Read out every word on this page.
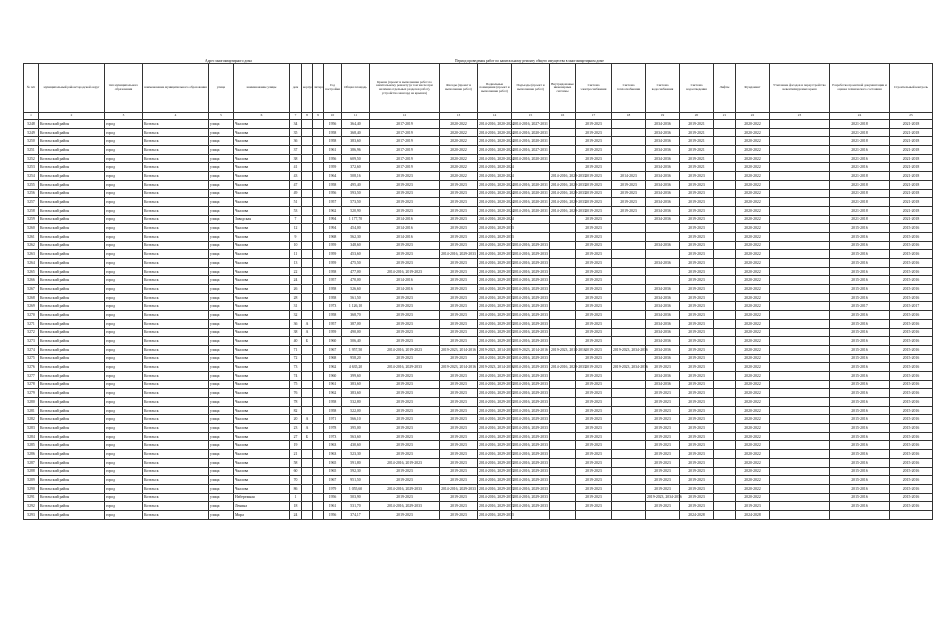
Адрес многоквартирного дома	Период проведения работ по капитальному ремонту общего имущества в многоквартирном доме
№ п/п	муниципальный район/городской округ	тип муниципального образования	наименование муниципального образования	улица	наименование улицы	дом	корпус	литера	Год постройки	Общая площадь	Крыша (проект и выполнение работ по капитальному ремонту (в том числе при наличии отдельных разделов работ), устройство мансард на крышах)	Фасады (проект и выполнение работ)	Подвальные помещения (проект и выполнение работ)	Подъезды (проект и выполнение работ)	Внутридомовые инженерные системы	Система электроснабжения	Система теплоснабжения	Система водоснабжения	Система водоотведения	Лифты	Фундамент	Утепление фасадов и переустройство невентилируемых крыш	Разработка проектной документации и оценка технического состояния	Строительный контроль
1	2	3	4	5	6	7	8	9	10	11	12	13	14	15	16	17	18	19	20	21	22	23	24	25
5248	Козельский район	город	Козельск	улица	Чкалова	34			1956	364,40	2017-2019	2020-2022	2014-2016, 2020-2024	2014-2016, 2027-2031		2019-2023		2034-2036	2019-2021		2020-2022		2021-2018	2021-2018
5249	Козельский район	город	Козельск	улица	Чкалова	35			1958	368,40	2017-2019	2020-2022	2014-2016, 2020-2024	2014-2016, 2020-2031		2019-2023		2034-2036	2019-2021		2020-2022		2021-2018	2021-2018
5250	Козельский район	город	Козельск	улица	Чкалова	36			1958	383,60	2017-2019	2020-2022	2014-2016, 2020-2024	2014-2016, 2020-2031		2019-2023		2034-2036	2019-2021		2020-2022		2021-2018	2021-2018
5251	Козельский район	город	Козельск	улица	Чкалова	37			1961	386,96	2017-2019	2020-2022	2014-2016, 2020-2024	2014-2016, 2027-2031		2019-2023		2034-2036	2019-2021		2020-2022		2021-2016	2021-2018
5252	Козельский район	город	Козельск	улица	Чкалова	38			1956	609,50	2017-2019	2020-2022	2014-2016, 2020-2024	2014-2016, 2020-2031		2019-2023		2034-2036	2019-2021		2020-2022		2021-2016	2021-2018
5253	Козельский район	город	Козельск	улица	Чкалова	41			1959	372,60	2017-2019	2020-2022	2014-2016, 2020-2024			2019-2023		2034-2036	2019-2021		2020-2022		2021-2016	2021-2018
5254	Козельский район	город	Козельск	улица	Чкалова	43			1964	508,16	2019-2023	2020-2022	2014-2016, 2020-2024		2014-2016, 2029-2033	2019-2023	2014-2023	2034-2036	2019-2023		2020-2022		2021-2018	2021-2018
5255	Козельский район	город	Козельск	улица	Чкалова	47			1958	495,40	2019-2023	2019-2023	2014-2016, 2020-2024	2014-2016, 2020-2031	2014-2016, 2029-2033	2019-2023	2019-2023	2034-2036	2019-2023		2020-2022		2021-2018	2021-2018
5256	Козельский район	город	Козельск	улица	Чкалова	49			1956	593,50	2019-2023	2019-2023	2014-2016, 2020-2024	2014-2016, 2020-2031	2014-2016, 2029-2033	2019-2023	2019-2023	2034-2036	2019-2023		2020-2022		2021-2018	2021-2018
5257	Козельский район	город	Козельск	улица	Чкалова	51			1957	573,50	2019-2023	2019-2023	2014-2016, 2020-2024	2014-2016, 2020-2031	2014-2016, 2029-2033	2019-2023	2019-2023	2034-2036	2019-2023		2020-2022		2021-2018	2021-2018
5258	Козельский район	город	Козельск	улица	Чкалова	53			1962	520,90	2019-2023	2019-2023	2014-2016, 2020-2024	2014-2016, 2020-2031	2014-2016, 2029-2033	2019-2023	2019-2023	2034-2036	2019-2023		2020-2022		2021-2018	2021-2018
5259	Козельский район	город	Козельск	улица	Заводская	7			1994	1 177,70	2014-2016	2019-2023	2014-2016, 2020-2024			2019-2023		2034-2036	2019-2023		2020-2022		2021-2018	2021-2018
5260	Козельский район	город	Козельск	улица	Чкалова	12			1994	454,00	2014-2016	2019-2023	2014-2016, 2029-2033			2019-2023			2019-2023		2020-2022		2015-2016	2015-2016
5261	Козельский район	город	Козельск	улица	Чкалова	9			1968	562,30	2014-2016	2019-2023	2014-2016, 2029-2033			2019-2023			2019-2023		2020-2022		2015-2016	2015-2016
5262	Козельский район	город	Козельск	улица	Чкалова	10			1959	348,60	2019-2023	2019-2023	2014-2016, 2029-2033	2014-2016, 2029-2033		2019-2023		2034-2036	2019-2023		2020-2022		2015-2016	2015-2016
5263	Козельский район	город	Козельск	улица	Чкалова	11			1959	453,60	2019-2023	2014-2016, 2029-2033	2014-2016, 2029-2033	2014-2016, 2029-2033		2019-2023			2019-2023		2020-2022		2015-2016	2015-2016
5264	Козельский район	город	Козельск	улица	Чкалова	13			1959	475,50	2019-2023	2019-2023	2014-2016, 2029-2033	2014-2016, 2029-2033		2019-2023		2034-2036	2019-2023		2020-2022		2015-2016	2015-2016
5265	Козельский район	город	Козельск	улица	Чкалова	22			1958	477,00	2014-2016, 2019-2023	2019-2023	2014-2016, 2029-2033	2014-2016, 2029-2033		2019-2023			2019-2023		2020-2022		2015-2016	2015-2016
5266	Козельский район	город	Козельск	улица	Чкалова	24			1957	470,00	2014-2016	2019-2023	2014-2016, 2029-2033	2014-2016, 2029-2033		2019-2023			2019-2023		2020-2022		2015-2016	2015-2016
5267	Козельский район	город	Козельск	улица	Чкалова	26			1958	526,60	2014-2016	2019-2023	2014-2016, 2029-2033	2014-2016, 2029-2033		2019-2023		2034-2036	2019-2023		2020-2022		2015-2016	2015-2016
5268	Козельский район	город	Козельск	улица	Чкалова	28			1958	561,50	2019-2023	2019-2023	2014-2016, 2029-2033	2014-2016, 2029-2033		2019-2023		2034-2036	2019-2023		2020-2022		2015-2016	2015-2016
5269	Козельский район	город	Козельск	улица	Чкалова	31			1973	1 126,10	2019-2023	2019-2023	2014-2016, 2029-2033	2014-2016, 2029-2033		2019-2023		2034-2036	2019-2023		2020-2022		2015-2017	2015-2017
5270	Козельский район	город	Козельск	улица	Чкалова	32			1958	368,70	2019-2023	2019-2023	2014-2016, 2029-2033	2014-2016, 2029-2033		2019-2023		2034-2036	2019-2023		2020-2022		2015-2016	2015-2016
5271	Козельский район	город	Козельск	улица	Чкалова	36	А		1957	387,00	2019-2023	2019-2023	2014-2016, 2029-2033	2014-2016, 2029-2033		2019-2023		2034-2036	2019-2023		2020-2022		2015-2016	2015-2016
5272	Козельский район	город	Козельск	улица	Чкалова	38	А		1959	490,00	2019-2023	2019-2023	2014-2016, 2029-2033	2014-2016, 2029-2033		2019-2023		2034-2036	2019-2023		2020-2022		2015-2016	2015-2016
5273	Козельский район	город	Козельск	улица	Чкалова	40	Б		1960	506,40	2019-2023	2019-2023	2014-2016, 2029-2033	2014-2016, 2029-2033		2019-2023		2034-2036	2019-2023		2020-2022		2015-2016	2015-2016
5274	Козельский район	город	Козельск	улица	Чкалова	71			1967	1 957,50	2014-2016, 2019-2023	2019-2023, 2014-2016	2019-2023, 2014-2016	2019-2023, 2014-2016	2019-2023, 2014-2016	2019-2023	2019-2023, 2034-2036	2034-2036	2019-2023		2020-2022		2015-2016	2015-2016
5275	Козельский район	город	Козельск	улица	Чкалова	72			1968	958,20	2019-2023	2019-2023	2014-2016, 2029-2033	2014-2016, 2029-2033		2019-2023		2034-2036	2019-2023		2020-2022		2015-2016	2015-2016
5276	Козельский район	город	Козельск	улица	Чкалова	73			1962	4 635,20	2014-2016, 2029-2033	2019-2023, 2014-2016	2019-2023, 2014-2016	2014-2016, 2029-2033	2014-2016, 2029-2033	2019-2023	2019-2023, 2034-2036	2019-2023	2019-2023		2020-2022		2015-2016	2015-2016
5277	Козельский район	город	Козельск	улица	Чкалова	74			1960	399,60	2019-2023	2019-2023	2014-2016, 2029-2033	2014-2016, 2029-2033		2019-2023		2034-2036	2019-2023		2020-2022		2015-2016	2015-2016
5278	Козельский район	город	Козельск	улица	Чкалова	75			1961	383,60	2019-2023	2019-2023	2014-2016, 2029-2033	2014-2016, 2029-2033		2019-2023		2034-2036	2019-2023		2020-2022		2015-2016	2015-2016
5279	Козельский район	город	Козельск	улица	Чкалова	76			1962	383,60	2019-2023	2019-2023	2014-2016, 2029-2033	2014-2016, 2029-2033		2019-2023		2019-2023	2019-2023		2020-2022		2015-2016	2015-2016
5280	Козельский район	город	Козельск	улица	Чкалова	78			1958	532,80	2019-2023	2019-2023	2014-2016, 2029-2033	2014-2016, 2029-2033		2019-2023		2019-2023	2019-2023		2020-2022		2015-2016	2015-2016
5281	Козельский район	город	Козельск	улица	Чкалова	82			1958	522,00	2019-2023	2019-2023	2014-2016, 2029-2033	2014-2016, 2029-2033		2019-2023		2019-2023	2019-2023		2020-2022		2015-2016	2015-2016
5282	Козельский район	город	Козельск	улица	Чкалова	20	А		1971	566,10	2019-2023	2019-2023	2014-2016, 2029-2033	2014-2016, 2029-2033		2019-2023		2019-2023	2019-2023		2020-2022		2015-2016	2015-2016
5283	Козельский район	город	Козельск	улица	Чкалова	23	А		1978	395,00	2019-2023	2019-2023	2014-2016, 2029-2033	2014-2016, 2029-2033		2019-2023		2019-2023	2019-2023		2020-2022		2015-2016	2015-2016
5284	Козельский район	город	Козельск	улица	Чкалова	27	Б		1973	563,60	2019-2023	2019-2023	2014-2016, 2029-2033	2014-2016, 2029-2033		2019-2023		2019-2023	2019-2023		2020-2022		2015-2016	2015-2016
5285	Козельский район	город	Козельск	улица	Чкалова	19			1963	430,60	2019-2023	2019-2023	2014-2016, 2029-2033	2014-2016, 2029-2033		2019-2023		2019-2023	2019-2023		2020-2022		2015-2016	2015-2016
5286	Козельский район	город	Козельск	улица	Чкалова	21			1963	523,30	2019-2023	2019-2023	2014-2016, 2029-2033	2014-2016, 2029-2033		2019-2023		2019-2023	2019-2023		2020-2022		2015-2016	2015-2016
5287	Козельский район	город	Козельск	улица	Чкалова	58			1965	591,80	2014-2016, 2019-2023	2019-2023	2014-2016, 2029-2033	2014-2016, 2029-2033		2019-2023		2019-2023	2019-2023		2020-2022		2015-2016	2015-2016
5288	Козельский район	город	Козельск	улица	Чкалова	60			1965	592,30	2019-2023	2019-2023	2014-2016, 2029-2033	2014-2016, 2029-2033		2019-2023		2019-2023	2019-2023		2020-2022		2015-2016	2015-2016
5289	Козельский район	город	Козельск	улица	Чкалова	70			1967	951,50	2019-2023	2019-2023	2014-2016, 2029-2033	2014-2016, 2029-2033		2019-2023		2019-2023	2019-2023		2020-2022		2015-2016	2015-2016
5290	Козельский район	город	Козельск	улица	Чкалова	86			1979	1 055,60	2014-2016, 2029-2033	2014-2016, 2029-2033	2014-2016, 2029-2033	2014-2016, 2029-2033		2019-2023		2019-2023	2019-2023		2020-2022		2015-2016	2015-2016
5291	Козельский район	город	Козельск	улица	Набережная	1			1956	503,90	2019-2023	2019-2023	2014-2016, 2029-2033	2014-2016, 2029-2033		2019-2023		2019-2023, 2034-2036	2019-2023		2020-2022		2015-2016	2015-2016
5292	Козельский район	город	Козельск	улица	Ленина	18			1961	531,70	2014-2016, 2029-2033	2019-2023	2014-2016, 2029-2033	2014-2016, 2029-2033		2019-2023		2019-2023	2019-2023		2019-2023		2015-2016	2015-2016
5293	Козельский район	город	Козельск	улица	Мира	24			1956	374,17	2019-2023	2019-2023	2014-2016, 2029-2033						2024-2028		2024-2028			
